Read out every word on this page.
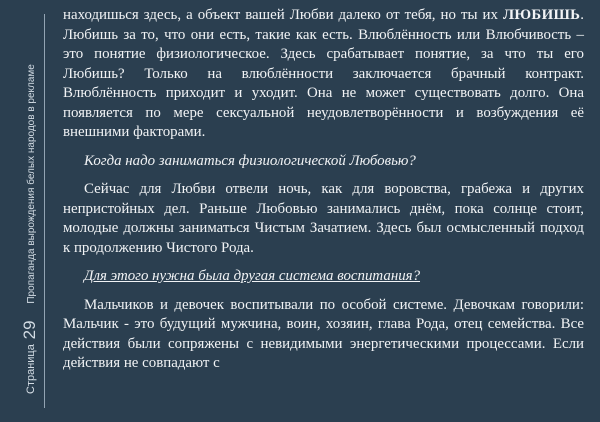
Страница 29 Пропаганда вырождения белых народов в рекламе

находишься здесь, а объект вашей Любви далеко от тебя, но ты их ЛЮБИШЬ. Любишь за то, что они есть, такие как есть. Влюблённость или Влюбчивость – это понятие физиологическое. Здесь срабатывает понятие, за что ты его Любишь? Только на влюблённости заключается брачный контракт. Влюблённость приходит и уходит. Она не может существовать долго. Она появляется по мере сексуальной неудовлетворённости и возбуждения её внешними факторами.

Когда надо заниматься физиологической Любовью?

Сейчас для Любви отвели ночь, как для воровства, грабежа и других непристойных дел. Раньше Любовью занимались днём, пока солнце стоит, молодые должны заниматься Чистым Зачатием. Здесь был осмысленный подход к продолжению Чистого Рода.

Для этого нужна была другая система воспитания?

Мальчиков и девочек воспитывали по особой системе. Девочкам говорили: Мальчик - это будущий мужчина, воин, хозяин, глава Рода, отец семейства. Все действия были сопряжены с невидимыми энергетическими процессами. Если действия не совпадают с
